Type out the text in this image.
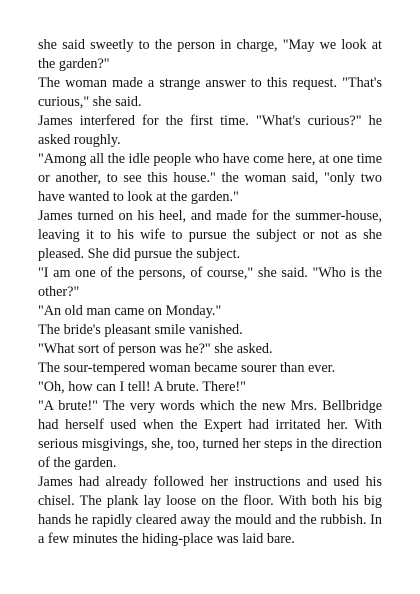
she said sweetly to the person in charge, "May we look at the garden?"

The woman made a strange answer to this request. "That's curious," she said.

James interfered for the first time. "What's curious?" he asked roughly.

"Among all the idle people who have come here, at one time or another, to see this house." the woman said, "only two have wanted to look at the garden."

James turned on his heel, and made for the summer-house, leaving it to his wife to pursue the subject or not as she pleased. She did pursue the subject.

"I am one of the persons, of course," she said. "Who is the other?"

"An old man came on Monday."

The bride's pleasant smile vanished.

"What sort of person was he?" she asked.

The sour-tempered woman became sourer than ever.

"Oh, how can I tell! A brute. There!"

"A brute!" The very words which the new Mrs. Bellbridge had herself used when the Expert had irritated her. With serious misgivings, she, too, turned her steps in the direction of the garden.

James had already followed her instructions and used his chisel. The plank lay loose on the floor. With both his big hands he rapidly cleared away the mould and the rubbish. In a few minutes the hiding-place was laid bare.
